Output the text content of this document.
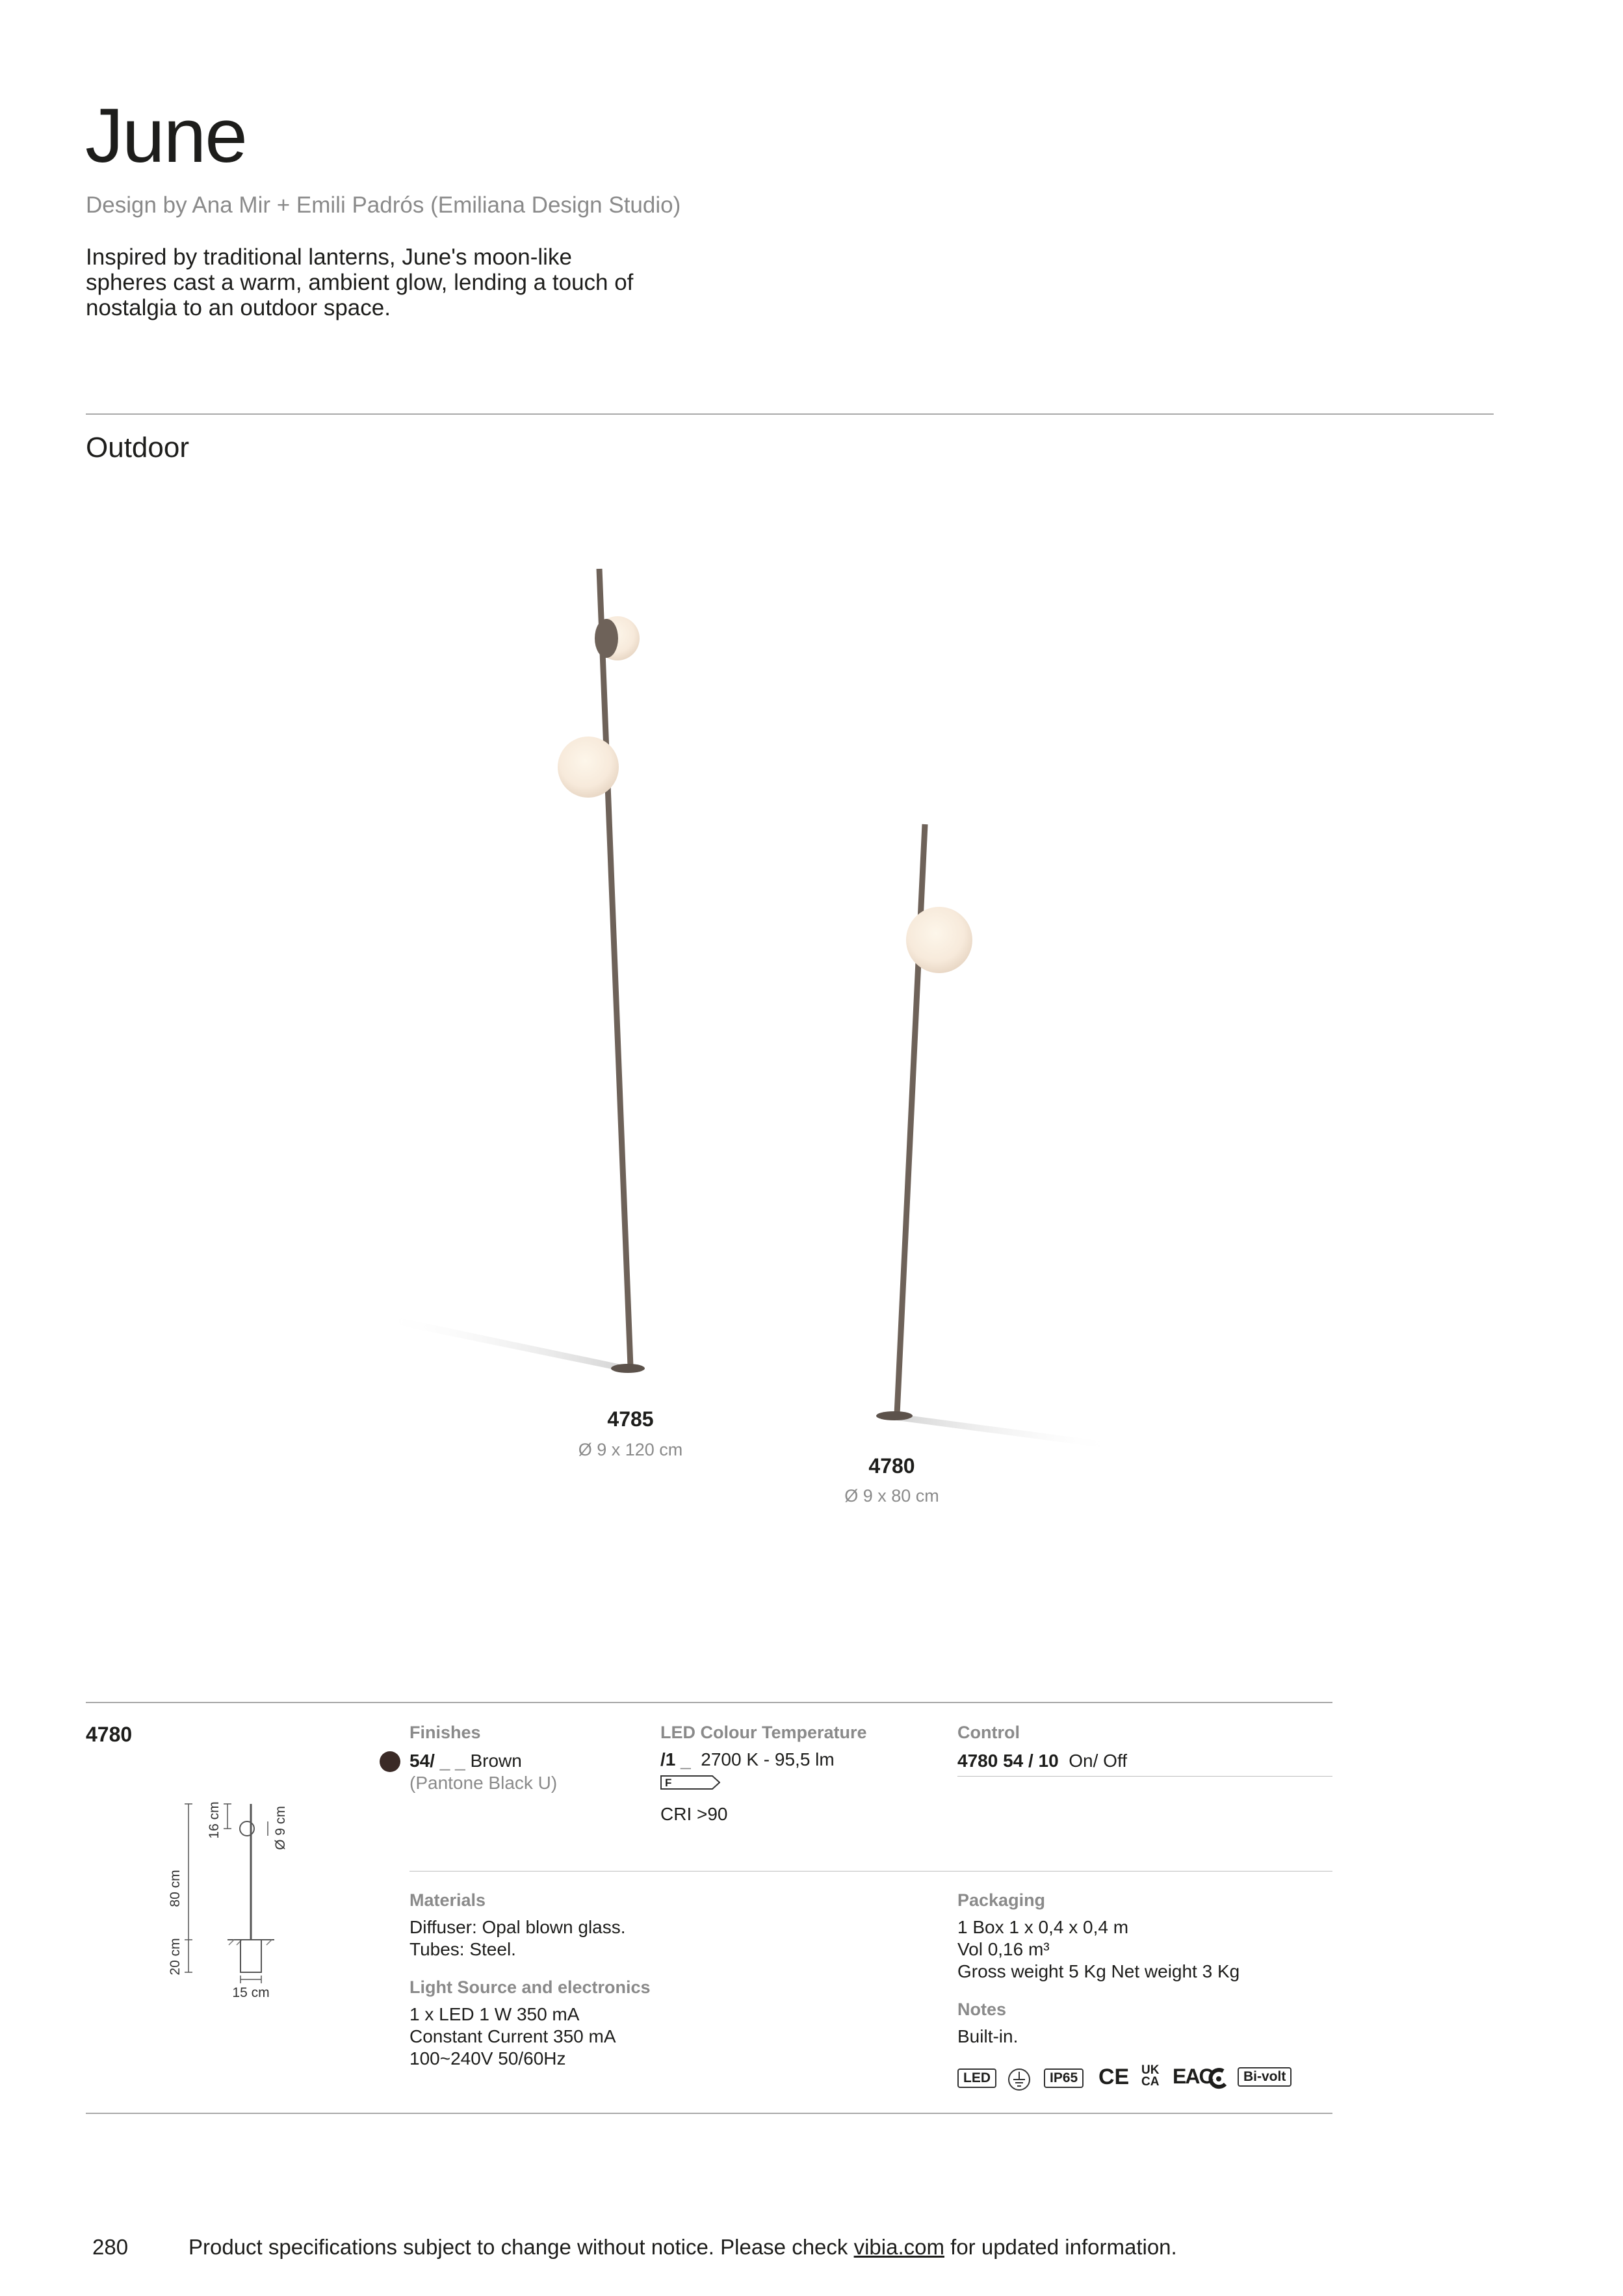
June
Design by Ana Mir + Emili Padrós (Emiliana Design Studio)
Inspired by traditional lanterns, June's moon-like spheres cast a warm, ambient glow, lending a touch of nostalgia to an outdoor space.
Outdoor
4785
Ø 9 x 120 cm
4780
Ø 9 x 80 cm
4780
80 cm
16 cm	Ø 9 cm
20 cm
15 cm
Finishes
54/ _ _ Brown
(Pantone Black U)
LED Colour Temperature
/1 _ 2700 K - 95,5 lm
F
CRI >90
Control
4780 54 / 10 On/ Off
Materials
Diffuser: Opal blown glass.
Tubes: Steel.
Light Source and electronics
1 x LED 1 W 350 mA
Constant Current 350 mA
100~240V 50/60Hz
Packaging
1 Box 1 x 0,4 x 0,4 m
Vol 0,16 m³
Gross weight 5 Kg Net weight 3 Kg
Notes
Built-in.
LED	IP65 CE UK
CA EAC	Bi-volt
280	Product specifications subject to change without notice. Please check vibia.com for updated information.
